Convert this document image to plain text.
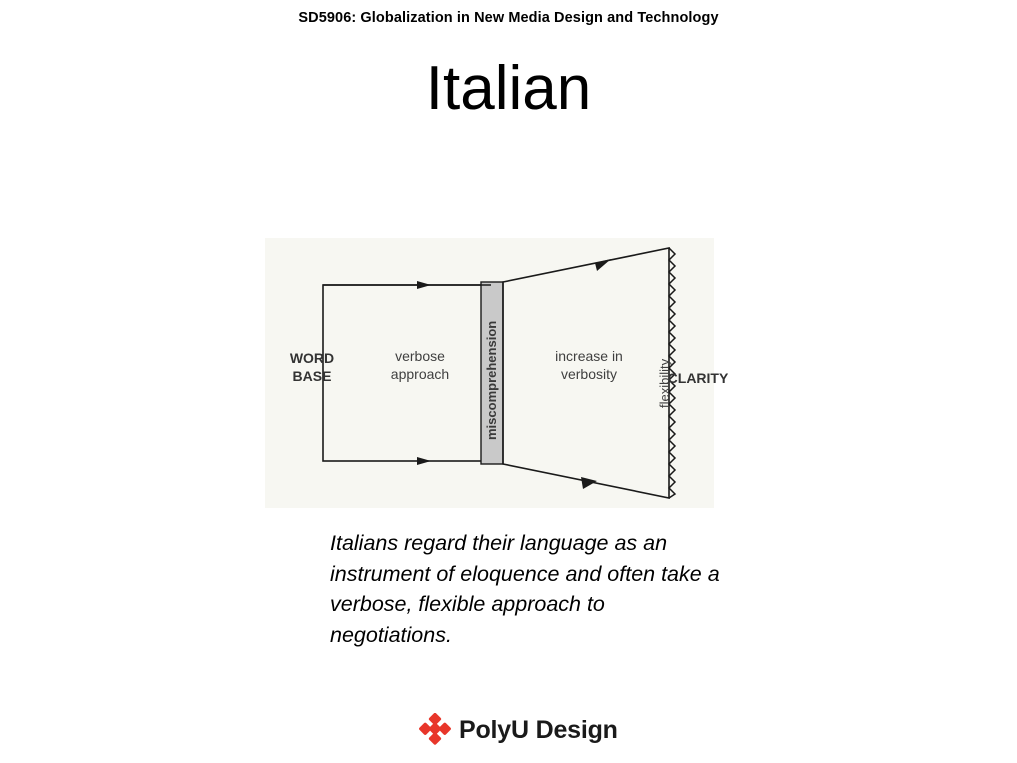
SD5906: Globalization in New Media Design and Technology
Italian
WORD
BASE
verbose
approach
increase in
verbosity	CLARITY
miscomprehension	flexibility
Italians regard their language as an instrument of eloquence and often take a verbose, flexible approach to negotiations.
PolyU Design
